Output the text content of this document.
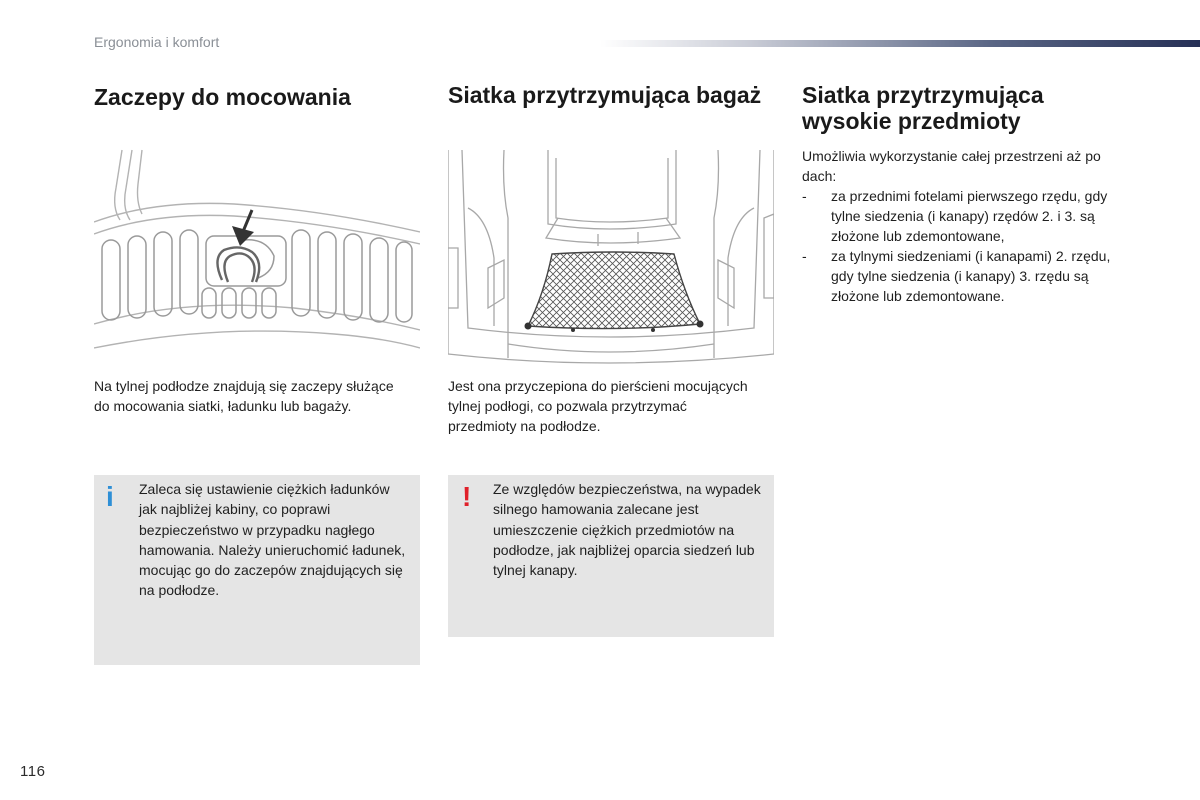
Ergonomia i komfort
Zaczepy do mocowania
Na tylnej podłodze znajdują się zaczepy służące do mocowania siatki, ładunku lub bagaży.
i Zaleca się ustawienie ciężkich ładunków jak najbliżej kabiny, co poprawi bezpieczeństwo w przypadku nagłego hamowania. Należy unieruchomić ładunek, mocując go do zaczepów znajdujących się na podłodze.
Siatka przytrzymująca bagaż
Jest ona przyczepiona do pierścieni mocujących tylnej podłogi, co pozwala przytrzymać przedmioty na podłodze.
! Ze względów bezpieczeństwa, na wypadek silnego hamowania zalecane jest umieszczenie ciężkich przedmiotów na podłodze, jak najbliżej oparcia siedzeń lub tylnej kanapy.
Siatka przytrzymująca wysokie przedmioty
Umożliwia wykorzystanie całej przestrzeni aż po dach:
- za przednimi fotelami pierwszego rzędu, gdy tylne siedzenia (i kanapy) rzędów 2. i 3. są złożone lub zdemontowane,
- za tylnymi siedzeniami (i kanapami) 2. rzędu, gdy tylne siedzenia (i kanapy) 3. rzędu są złożone lub zdemontowane.
116
